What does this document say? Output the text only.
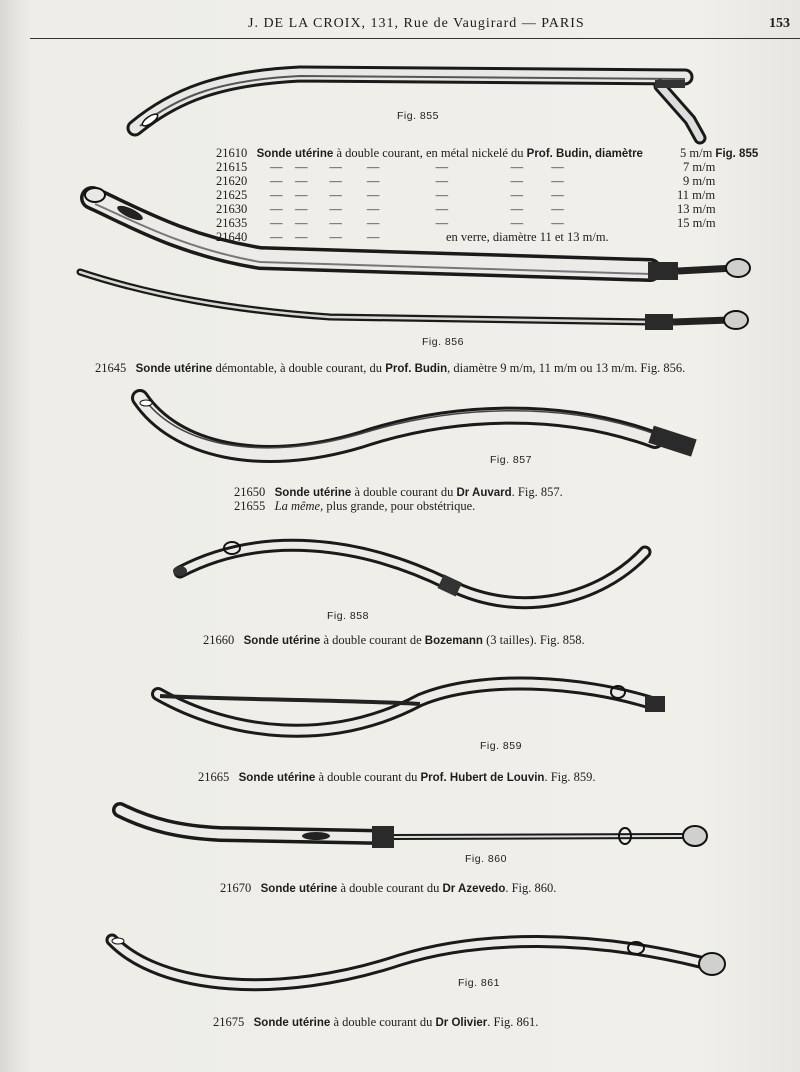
J. DE LA CROIX, 131, Rue de Vaugirard — PARIS	153
Fig. 855
21610 Sonde utérine à double courant, en métal nickelé du Prof. Budin, diamètre	5 m/m Fig. 855
21615 — — — —	—	— —	7 m/m
21620 — — — —	—	— —	9 m/m
21625 — — — —	—	— —	11 m/m
21630 — — — —	—	— —	13 m/m
21635 — — — —	—	— —	15 m/m
21640 — — — —	en verre, diamètre 11 et 13 m/m.
Fig. 856
21645 Sonde utérine démontable, à double courant, du Prof. Budin, diamètre 9 m/m, 11 m/m ou 13 m/m. Fig. 856.
Fig. 857
21650 Sonde utérine à double courant du Dr Auvard. Fig. 857.
21655 La même, plus grande, pour obstétrique.
Fig. 858
21660 Sonde utérine à double courant de Bozemann (3 tailles). Fig. 858.
Fig. 859
21665 Sonde utérine à double courant du Prof. Hubert de Louvin. Fig. 859.
Fig. 860
21670 Sonde utérine à double courant du Dr Azevedo. Fig. 860.
Fig. 861
21675 Sonde utérine à double courant du Dr Olivier. Fig. 861.
